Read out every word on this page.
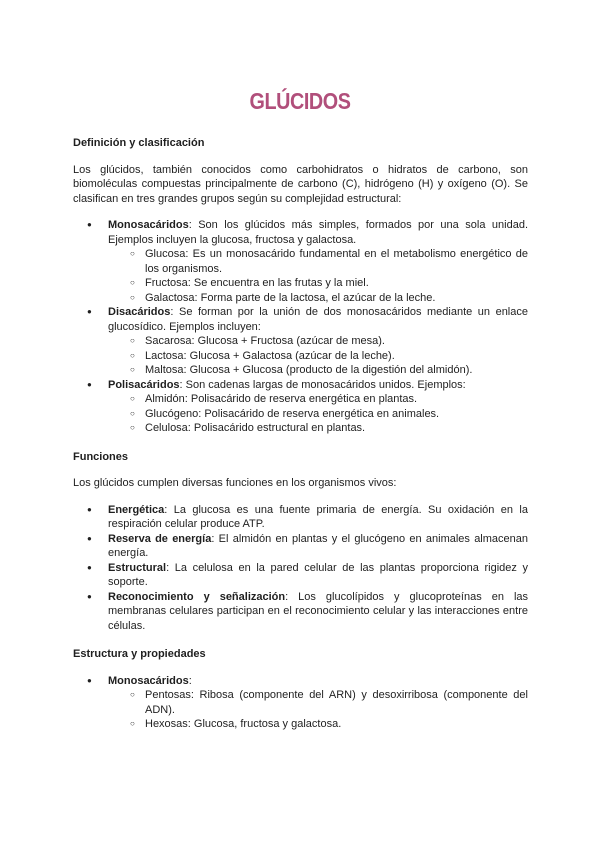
GLÚCIDOS
Definición y clasificación

Los glúcidos, también conocidos como carbohidratos o hidratos de carbono, son biomoléculas compuestas principalmente de carbono (C), hidrógeno (H) y oxígeno (O). Se clasifican en tres grandes grupos según su complejidad estructural:

● Monosacáridos: Son los glúcidos más simples, formados por una sola unidad. Ejemplos incluyen la glucosa, fructosa y galactosa.
○ Glucosa: Es un monosacárido fundamental en el metabolismo energético de los organismos.
○ Fructosa: Se encuentra en las frutas y la miel.
○ Galactosa: Forma parte de la lactosa, el azúcar de la leche.
● Disacáridos: Se forman por la unión de dos monosacáridos mediante un enlace glucosídico. Ejemplos incluyen:
○ Sacarosa: Glucosa + Fructosa (azúcar de mesa).
○ Lactosa: Glucosa + Galactosa (azúcar de la leche).
○ Maltosa: Glucosa + Glucosa (producto de la digestión del almidón).
● Polisacáridos: Son cadenas largas de monosacáridos unidos. Ejemplos:
○ Almidón: Polisacárido de reserva energética en plantas.
○ Glucógeno: Polisacárido de reserva energética en animales.
○ Celulosa: Polisacárido estructural en plantas.
Funciones

Los glúcidos cumplen diversas funciones en los organismos vivos:

● Energética: La glucosa es una fuente primaria de energía. Su oxidación en la respiración celular produce ATP.
● Reserva de energía: El almidón en plantas y el glucógeno en animales almacenan energía.
● Estructural: La celulosa en la pared celular de las plantas proporciona rigidez y soporte.
● Reconocimiento y señalización: Los glucolípidos y glucoproteínas en las membranas celulares participan en el reconocimiento celular y las interacciones entre células.
Estructura y propiedades
● Monosacáridos:
○ Pentosas: Ribosa (componente del ARN) y desoxirribosa (componente del ADN).
○ Hexosas: Glucosa, fructosa y galactosa.
